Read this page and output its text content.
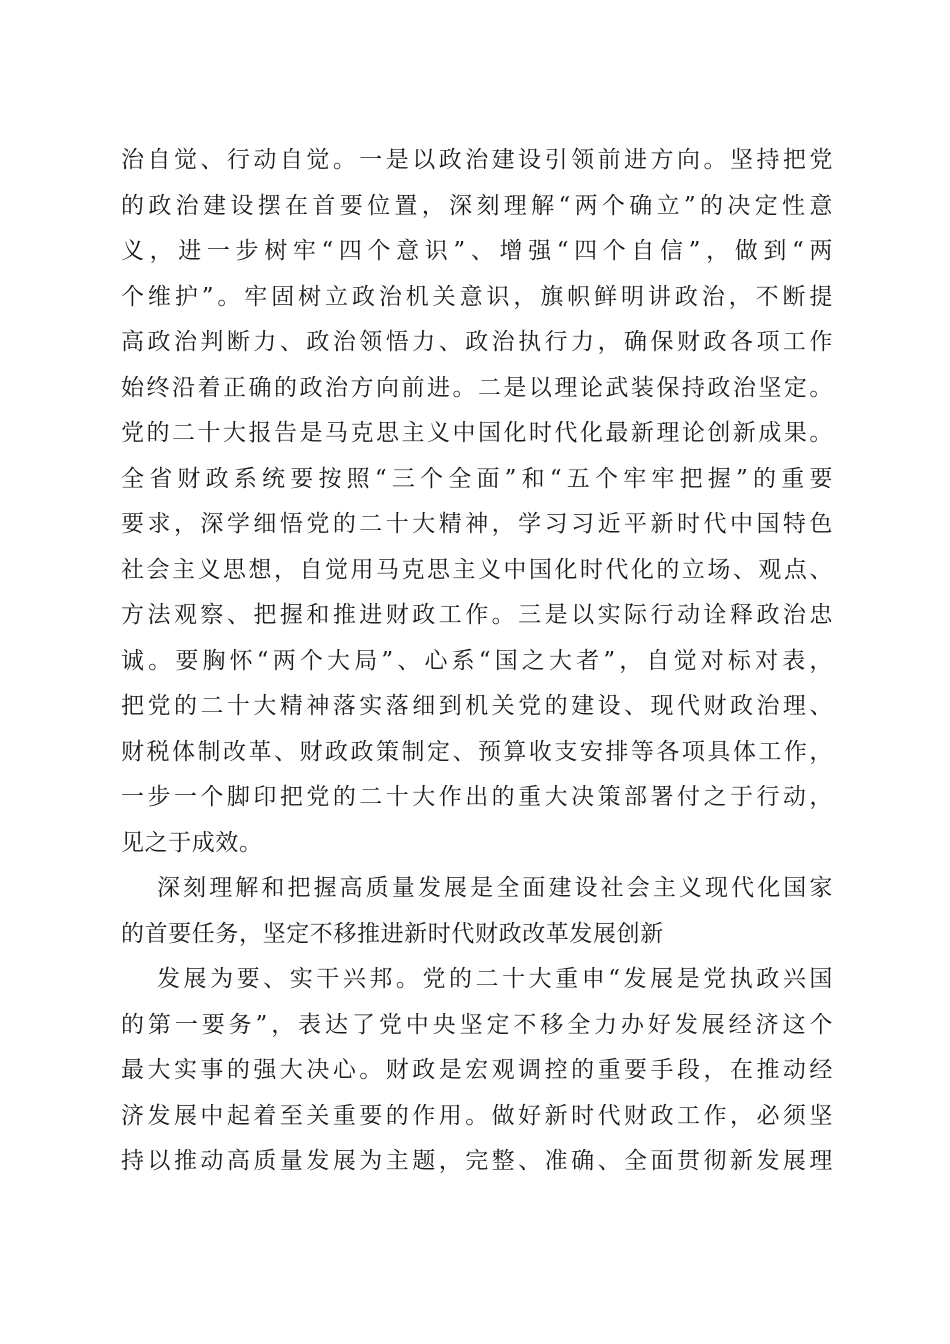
治自觉、行动自觉。一是以政治建设引领前进方向。坚持把党
的政治建设摆在首要位置，深刻理解“两个确立”的决定性意
义，进一步树牢“四个意识”、增强“四个自信”，做到“两
个维护”。牢固树立政治机关意识，旗帜鲜明讲政治，不断提
高政治判断力、政治领悟力、政治执行力，确保财政各项工作
始终沿着正确的政治方向前进。二是以理论武装保持政治坚定。
党的二十大报告是马克思主义中国化时代化最新理论创新成果。
全省财政系统要按照“三个全面”和“五个牢牢把握”的重要
要求，深学细悟党的二十大精神，学习习近平新时代中国特色
社会主义思想，自觉用马克思主义中国化时代化的立场、观点、
方法观察、把握和推进财政工作。三是以实际行动诠释政治忠
诚。要胸怀“两个大局”、心系“国之大者”，自觉对标对表，
把党的二十大精神落实落细到机关党的建设、现代财政治理、
财税体制改革、财政政策制定、预算收支安排等各项具体工作，
一步一个脚印把党的二十大作出的重大决策部署付之于行动，
见之于成效。
深刻理解和把握高质量发展是全面建设社会主义现代化国家
的首要任务，坚定不移推进新时代财政改革发展创新
发展为要、实干兴邦。党的二十大重申“发展是党执政兴国
的第一要务”，表达了党中央坚定不移全力办好发展经济这个
最大实事的强大决心。财政是宏观调控的重要手段，在推动经
济发展中起着至关重要的作用。做好新时代财政工作，必须坚
持以推动高质量发展为主题，完整、准确、全面贯彻新发展理
